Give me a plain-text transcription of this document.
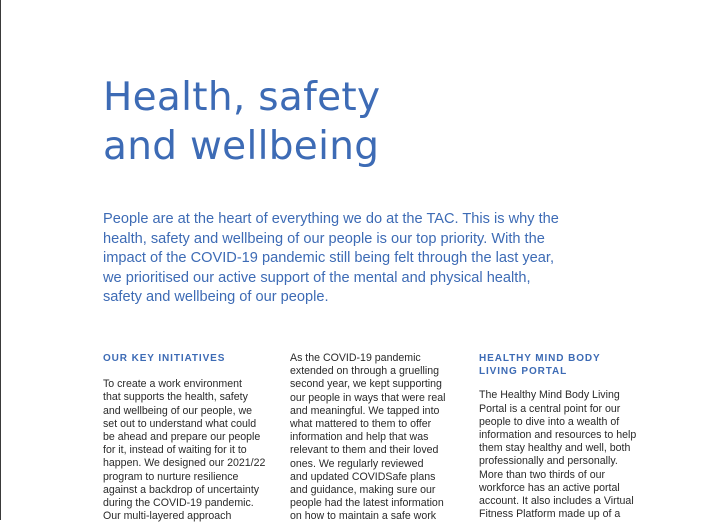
Health, safety
and wellbeing

People are at the heart of everything we do at the TAC. This is why the
health, safety and wellbeing of our people is our top priority. With the
impact of the COVID-19 pandemic still being felt through the last year,
we prioritised our active support of the mental and physical health,
safety and wellbeing of our people.

OUR KEY INITIATIVES
To create a work environment
that supports the health, safety
and wellbeing of our people, we
set out to understand what could
be ahead and prepare our people
for it, instead of waiting for it to
happen. We designed our 2021/22
program to nurture resilience
against a backdrop of uncertainty
during the COVID-19 pandemic.
Our multi-layered approach
As the COVID-19 pandemic
extended on through a gruelling
second year, we kept supporting
our people in ways that were real
and meaningful. We tapped into
what mattered to them to offer
information and help that was
relevant to them and their loved
ones. We regularly reviewed
and updated COVIDSafe plans
and guidance, making sure our
people had the latest information
on how to maintain a safe work
HEALTHY MIND BODY
LIVING PORTAL
The Healthy Mind Body Living
Portal is a central point for our
people to dive into a wealth of
information and resources to help
them stay healthy and well, both
professionally and personally.
More than two thirds of our
workforce has an active portal
account. It also includes a Virtual
Fitness Platform made up of a
